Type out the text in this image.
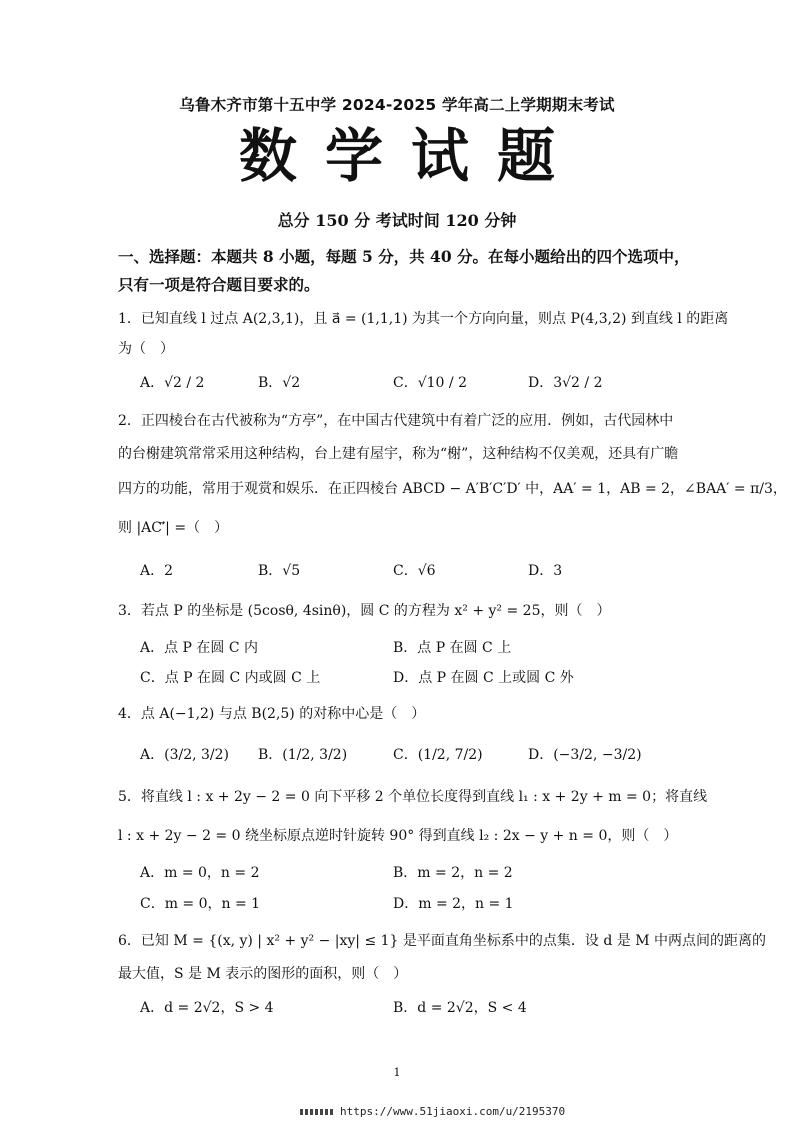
乌鲁木齐市第十五中学 2024-2025 学年高二上学期期末考试
数学试题
总分 150 分 考试时间 120 分钟
一、选择题：本题共 8 小题，每题 5 分，共 40 分。在每小题给出的四个选项中，
只有一项是符合题目要求的。
1．已知直线 l 过点 A(2,3,1)，且 a⃗ = (1,1,1) 为其一个方向向量，则点 P(4,3,2) 到直线 l 的距离
为（　）
A．√2 / 2	B．√2	C．√10 / 2	D．3√2 / 2
2．正四棱台在古代被称为“方亭”，在中国古代建筑中有着广泛的应用．例如，古代园林中
的台榭建筑常常采用这种结构，台上建有屋宇，称为“榭”，这种结构不仅美观，还具有广瞻
四方的功能，常用于观赏和娱乐．在正四棱台 ABCD − A′B′C′D′ 中，AA′ = 1，AB = 2，∠BAA′ = π/3，
则 |AC′⃗| =（　）
A．2	B．√5	C．√6	D．3
3．若点 P 的坐标是 (5cosθ, 4sinθ)，圆 C 的方程为 x² + y² = 25，则（　）
A．点 P 在圆 C 内	B．点 P 在圆 C 上
C．点 P 在圆 C 内或圆 C 上	D．点 P 在圆 C 上或圆 C 外
4．点 A(−1,2) 与点 B(2,5) 的对称中心是（　）
A．(3/2, 3/2) B．(1/2, 3/2)	C．(1/2, 7/2)	D．(−3/2, −3/2)
5．将直线 l : x + 2y − 2 = 0 向下平移 2 个单位长度得到直线 l₁ : x + 2y + m = 0；将直线
l : x + 2y − 2 = 0 绕坐标原点逆时针旋转 90° 得到直线 l₂ : 2x − y + n = 0，则（　）
A．m = 0，n = 2	B．m = 2，n = 2
C．m = 0，n = 1	D．m = 2，n = 1
6．已知 M = {(x, y) | x² + y² − |xy| ≤ 1} 是平面直角坐标系中的点集．设 d 是 M 中两点间的距离的
最大值，S 是 M 表示的图形的面积，则（　）
A．d = 2√2，S > 4	B．d = 2√2，S < 4
1
https://www.51jiaoxi.com/u/2195370
